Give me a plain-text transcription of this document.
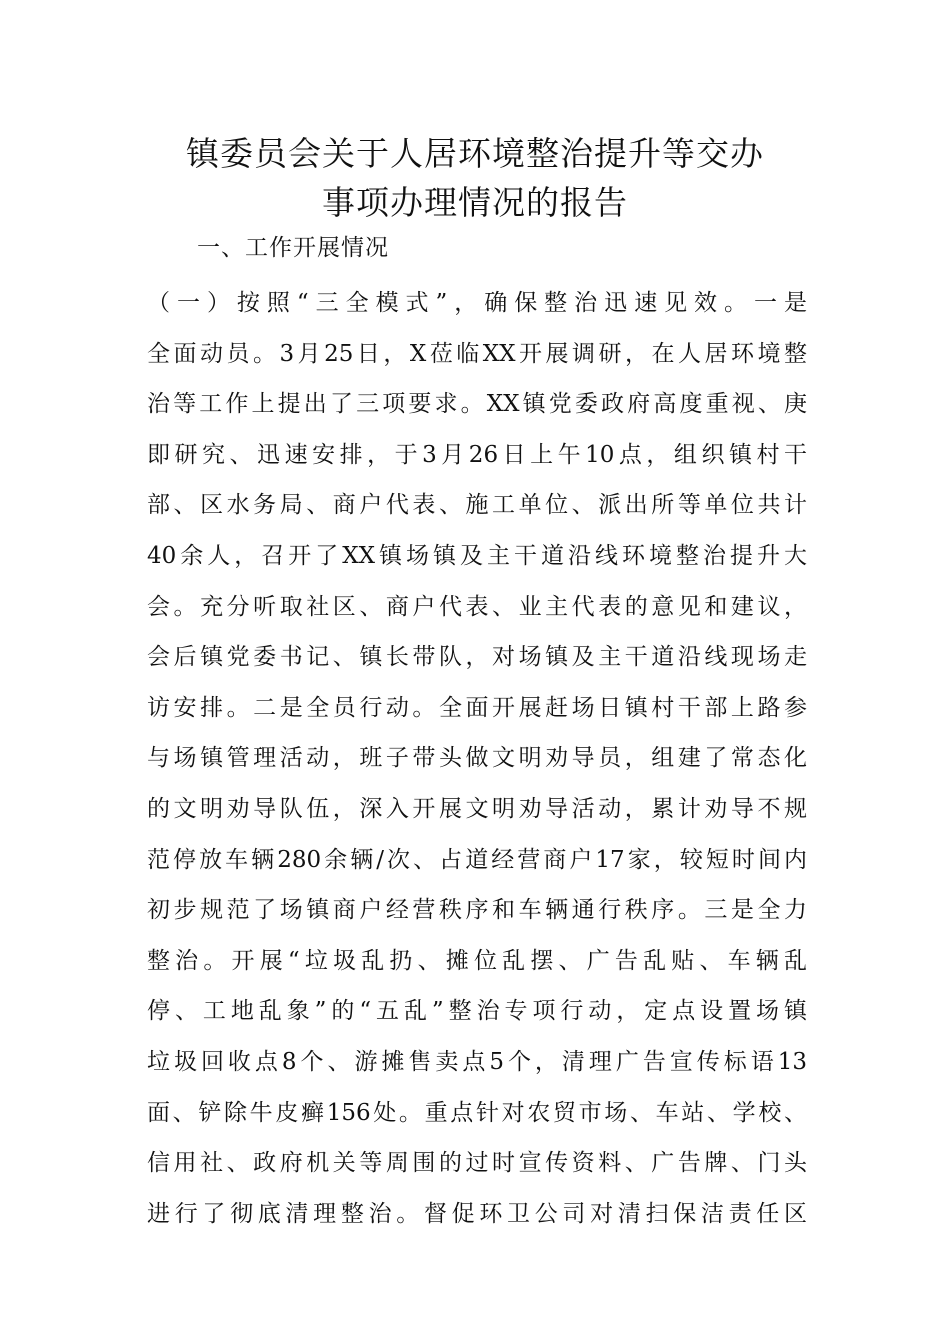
镇委员会关于人居环境整治提升等交办
事项办理情况的报告
一、工作开展情况
（一）按照“三全模式”，确保整治迅速见效。一是
全面动员。3月25日，X莅临XX开展调研，在人居环境整
治等工作上提出了三项要求。XX镇党委政府高度重视、庚
即研究、迅速安排，于3月26日上午10点，组织镇村干
部、区水务局、商户代表、施工单位、派出所等单位共计
40余人，召开了XX镇场镇及主干道沿线环境整治提升大
会。充分听取社区、商户代表、业主代表的意见和建议，
会后镇党委书记、镇长带队，对场镇及主干道沿线现场走
访安排。二是全员行动。全面开展赶场日镇村干部上路参
与场镇管理活动，班子带头做文明劝导员，组建了常态化
的文明劝导队伍，深入开展文明劝导活动，累计劝导不规
范停放车辆280余辆/次、占道经营商户17家，较短时间内
初步规范了场镇商户经营秩序和车辆通行秩序。三是全力
整治。开展“垃圾乱扔、摊位乱摆、广告乱贴、车辆乱
停、工地乱象”的“五乱”整治专项行动，定点设置场镇
垃圾回收点8个、游摊售卖点5个，清理广告宣传标语13
面、铲除牛皮癣156处。重点针对农贸市场、车站、学校、
信用社、政府机关等周围的过时宣传资料、广告牌、门头
进行了彻底清理整治。督促环卫公司对清扫保洁责任区
